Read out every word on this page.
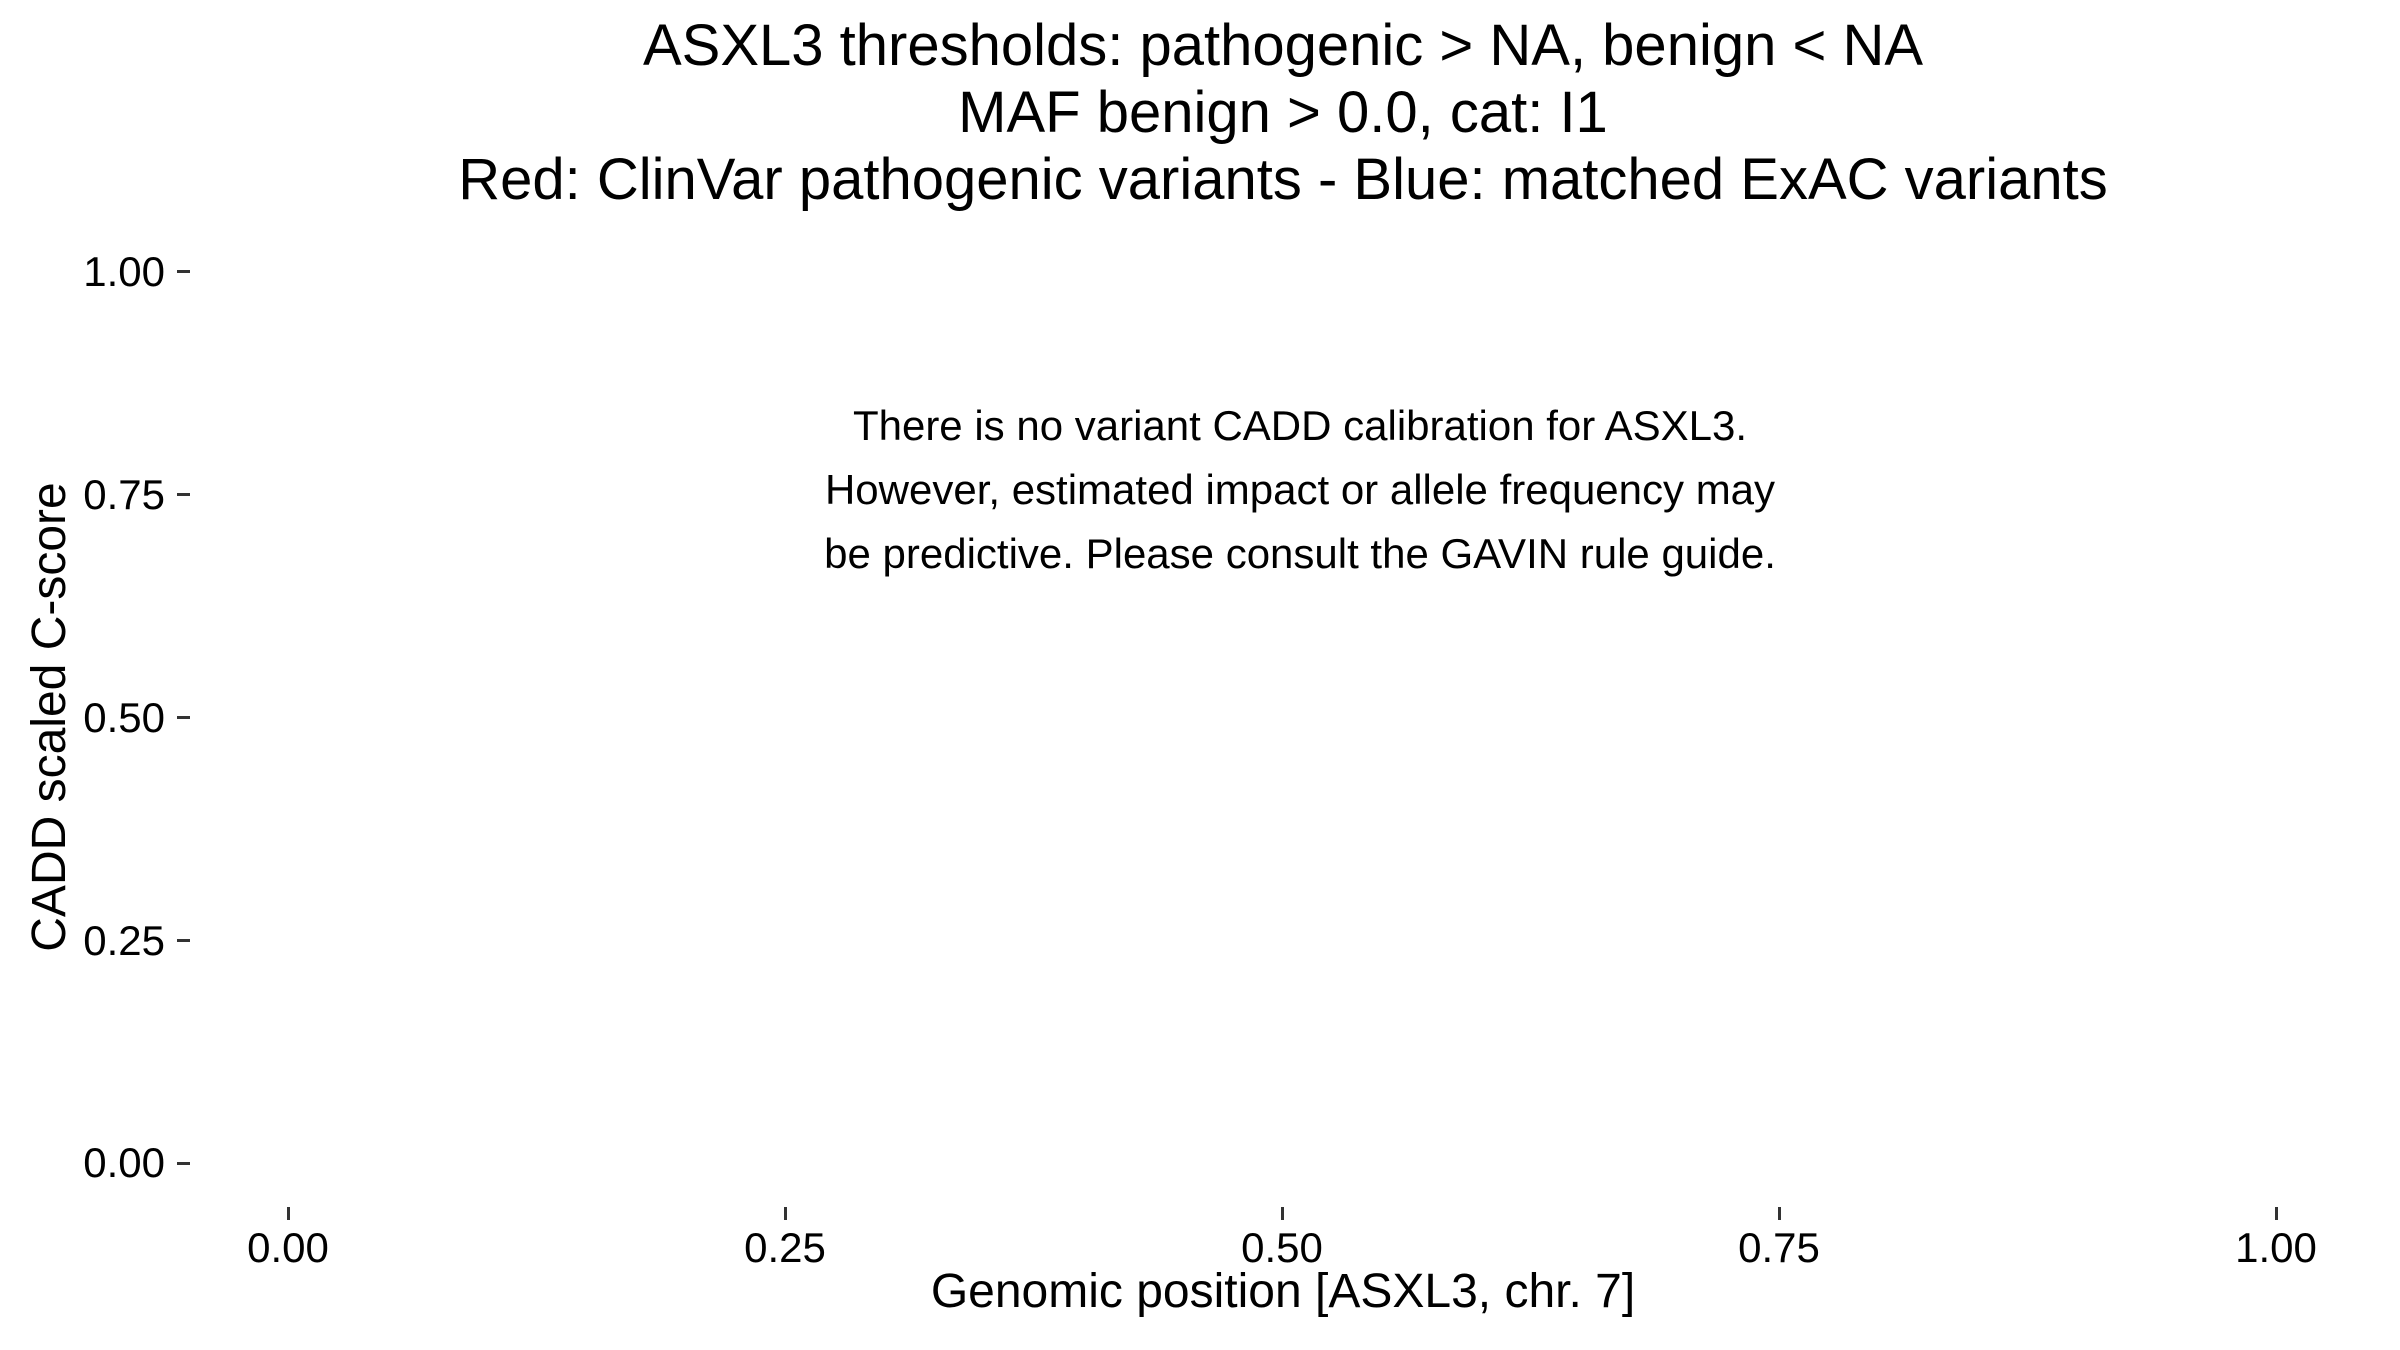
ASXL3 thresholds: pathogenic > NA, benign < NA
MAF benign > 0.0, cat: I1
Red: ClinVar pathogenic variants - Blue: matched ExAC variants
There is no variant CADD calibration for ASXL3.
However, estimated impact or allele frequency may
be predictive. Please consult the GAVIN rule guide.
CADD scaled C-score
1.00
0.75
0.50
0.25
0.00
0.00	0.25	0.50	0.75	1.00
Genomic position [ASXL3, chr. 7]
